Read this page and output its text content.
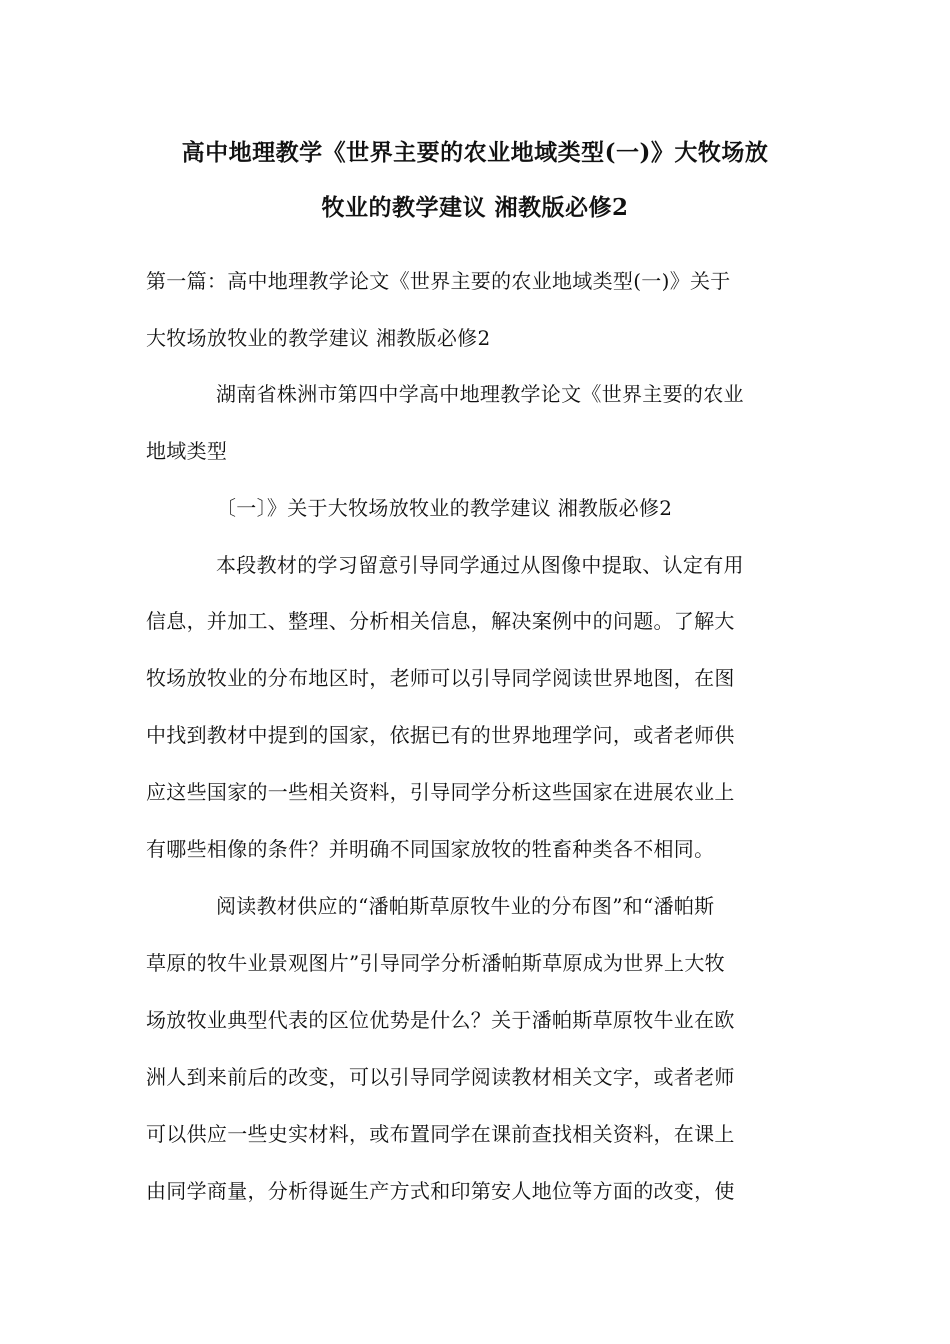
高中地理教学《世界主要的农业地域类型(一)》大牧场放
牧业的教学建议 湘教版必修2
第一篇：高中地理教学论文《世界主要的农业地域类型(一)》关于
大牧场放牧业的教学建议 湘教版必修2
湖南省株洲市第四中学高中地理教学论文《世界主要的农业
地域类型
〔一〕》关于大牧场放牧业的教学建议 湘教版必修2
本段教材的学习留意引导同学通过从图像中提取、认定有用
信息，并加工、整理、分析相关信息，解决案例中的问题。了解大
牧场放牧业的分布地区时，老师可以引导同学阅读世界地图，在图
中找到教材中提到的国家，依据已有的世界地理学问，或者老师供
应这些国家的一些相关资料，引导同学分析这些国家在进展农业上
有哪些相像的条件？并明确不同国家放牧的牲畜种类各不相同。
阅读教材供应的“潘帕斯草原牧牛业的分布图”和“潘帕斯
草原的牧牛业景观图片”引导同学分析潘帕斯草原成为世界上大牧
场放牧业典型代表的区位优势是什么？关于潘帕斯草原牧牛业在欧
洲人到来前后的改变，可以引导同学阅读教材相关文字，或者老师
可以供应一些史实材料，或布置同学在课前查找相关资料，在课上
由同学商量，分析得诞生产方式和印第安人地位等方面的改变，使
